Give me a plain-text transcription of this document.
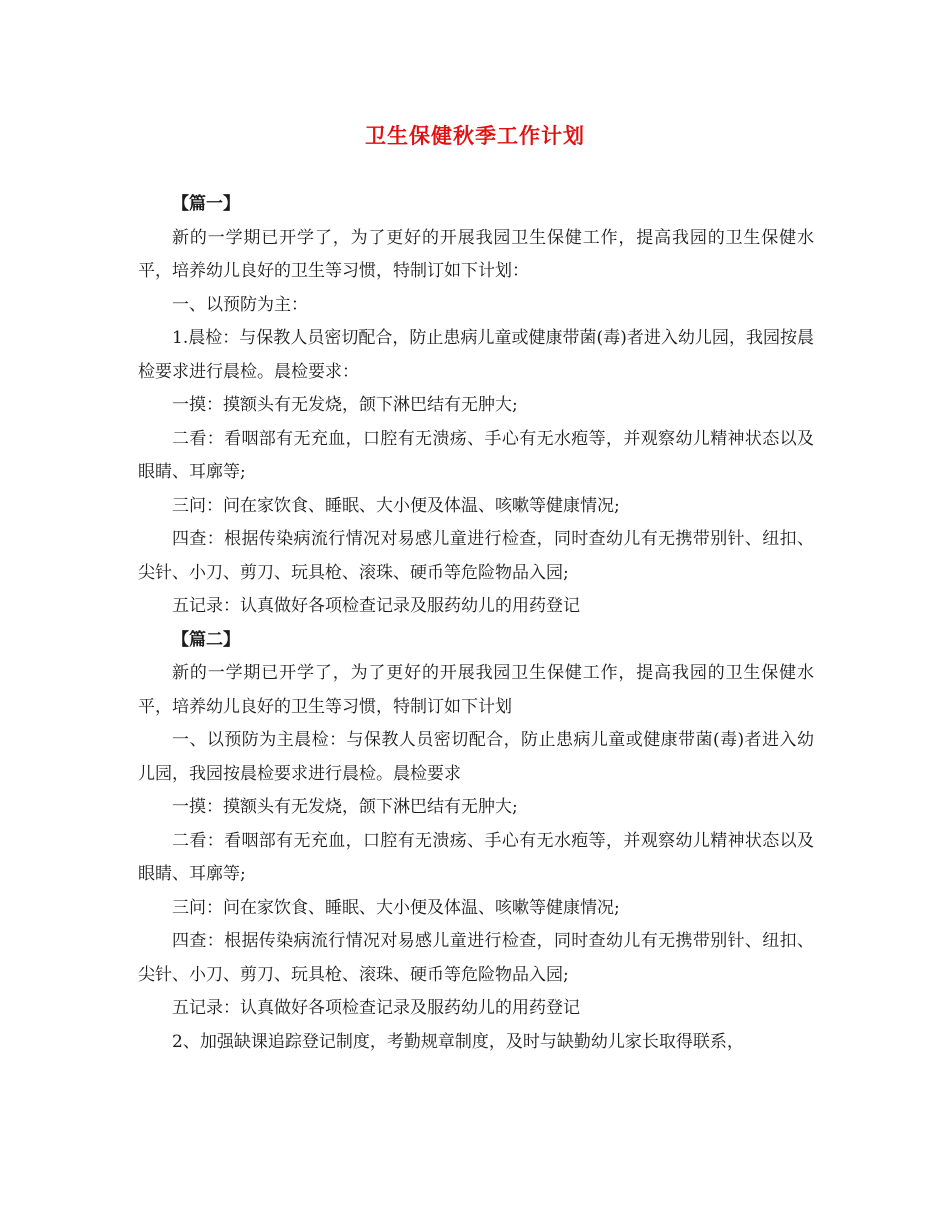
卫生保健秋季工作计划

【篇一】

新的一学期已开学了，为了更好的开展我园卫生保健工作，提高我园的卫生保健水平，培养幼儿良好的卫生等习惯，特制订如下计划：

一、以预防为主：

1.晨检：与保教人员密切配合，防止患病儿童或健康带菌(毒)者进入幼儿园，我园按晨检要求进行晨检。晨检要求：

一摸：摸额头有无发烧，颌下淋巴结有无肿大;

二看：看咽部有无充血，口腔有无溃疡、手心有无水疱等，并观察幼儿精神状态以及眼睛、耳廓等;

三问：问在家饮食、睡眠、大小便及体温、咳嗽等健康情况;

四查：根据传染病流行情况对易感儿童进行检查，同时查幼儿有无携带别针、纽扣、尖针、小刀、剪刀、玩具枪、滚珠、硬币等危险物品入园;

五记录：认真做好各项检查记录及服药幼儿的用药登记

【篇二】

新的一学期已开学了，为了更好的开展我园卫生保健工作，提高我园的卫生保健水平，培养幼儿良好的卫生等习惯，特制订如下计划

一、以预防为主晨检：与保教人员密切配合，防止患病儿童或健康带菌(毒)者进入幼儿园，我园按晨检要求进行晨检。晨检要求

一摸：摸额头有无发烧，颌下淋巴结有无肿大;

二看：看咽部有无充血，口腔有无溃疡、手心有无水疱等，并观察幼儿精神状态以及眼睛、耳廓等;

三问：问在家饮食、睡眠、大小便及体温、咳嗽等健康情况;

四查：根据传染病流行情况对易感儿童进行检查，同时查幼儿有无携带别针、纽扣、尖针、小刀、剪刀、玩具枪、滚珠、硬币等危险物品入园;

五记录：认真做好各项检查记录及服药幼儿的用药登记

2、加强缺课追踪登记制度，考勤规章制度，及时与缺勤幼儿家长取得联系，
